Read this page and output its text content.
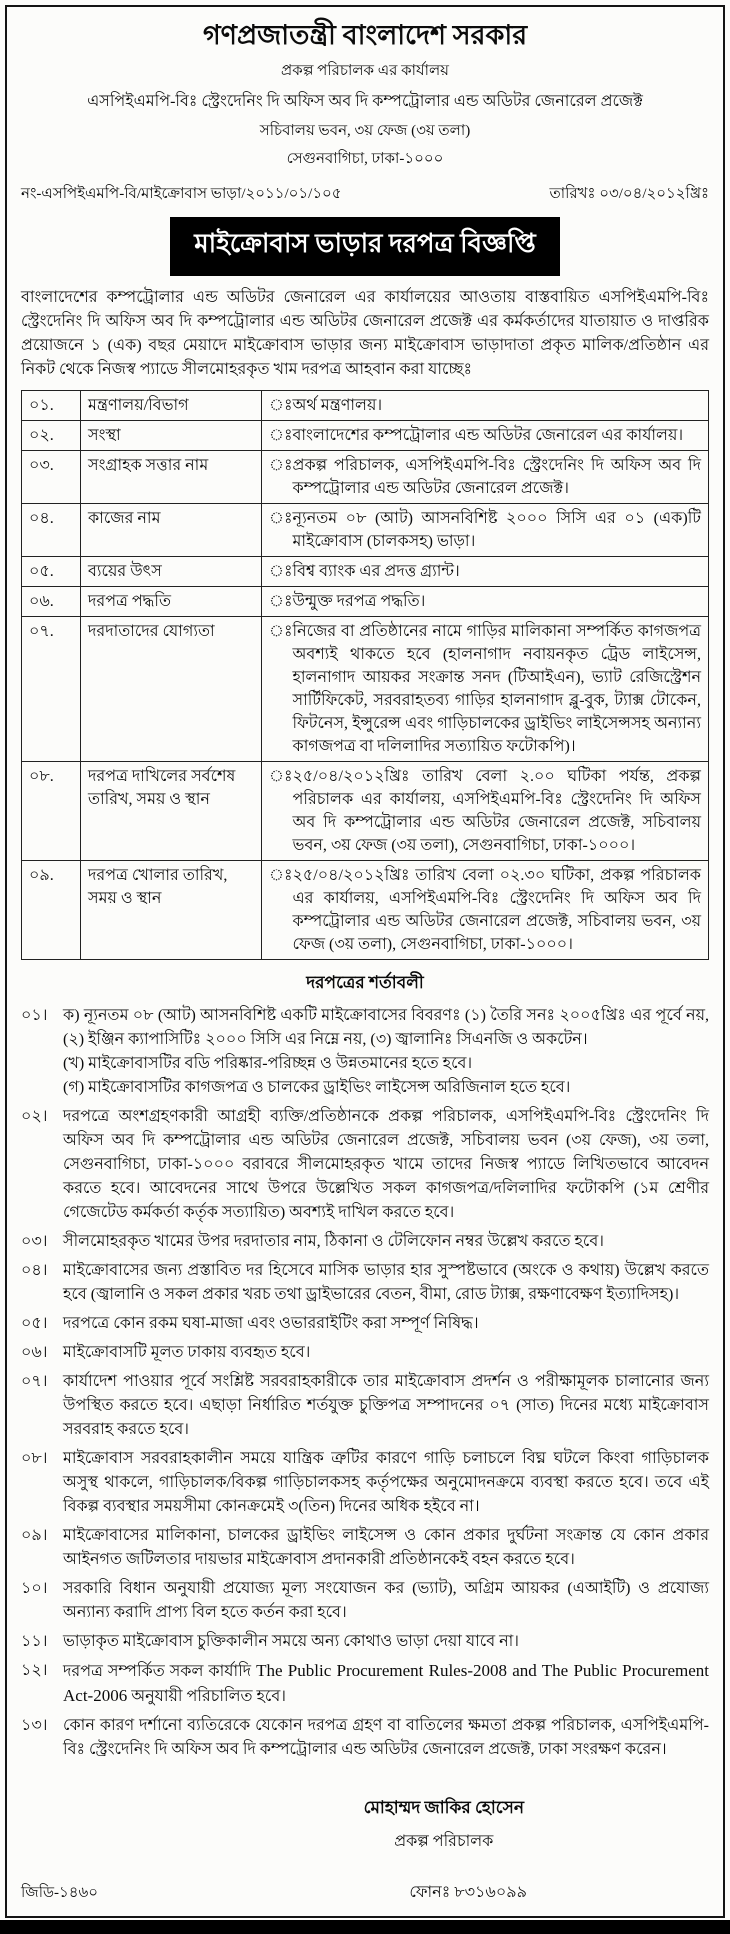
গণপ্রজাতন্ত্রী বাংলাদেশ সরকার
প্রকল্প পরিচালক এর কার্যালয়
এসপিইএমপি-বিঃ স্ট্রেংদেনিং দি অফিস অব দি কম্পট্রোলার এন্ড অডিটর জেনারেল প্রজেক্ট
সচিবালয় ভবন, ৩য় ফেজ (৩য় তলা)
সেগুনবাগিচা, ঢাকা-১০০০
নং-এসপিইএমপি-বি/মাইক্রোবাস ভাড়া/২০১১/০১/১০৫	তারিখঃ ০৩/০৪/২০১২খ্রিঃ
মাইক্রোবাস ভাড়ার দরপত্র বিজ্ঞপ্তি

বাংলাদেশের কম্পট্রোলার এন্ড অডিটর জেনারেল এর কার্যালয়ের আওতায় বাস্তবায়িত এসপিইএমপি-বিঃ স্ট্রেংদেনিং দি অফিস অব দি কম্পট্রোলার এন্ড অডিটর জেনারেল প্রজেক্ট এর কর্মকর্তাদের যাতায়াত ও দাপ্তরিক প্রয়োজনে ১ (এক) বছর মেয়াদে মাইক্রোবাস ভাড়ার জন্য মাইক্রোবাস ভাড়াদাতা প্রকৃত মালিক/প্রতিষ্ঠান এর নিকট থেকে নিজস্ব প্যাডে সীলমোহরকৃত খাম দরপত্র আহবান করা যাচ্ছেঃ

০১.	মন্ত্রণালয়/বিভাগ	ঃ অর্থ মন্ত্রণালয়।

০২.	সংস্থা	ঃ বাংলাদেশের কম্পট্রোলার এন্ড অডিটর জেনারেল এর কার্যালয়।

০৩.	সংগ্রাহক সত্তার নাম	ঃ প্রকল্প পরিচালক, এসপিইএমপি-বিঃ স্ট্রেংদেনিং দি অফিস অব দি কম্পট্রোলার এন্ড অডিটর জেনারেল প্রজেক্ট।

০৪.	কাজের নাম	ঃ ন্যূনতম ০৮ (আট) আসনবিশিষ্ট ২০০০ সিসি এর ০১ (এক)টি মাইক্রোবাস (চালকসহ) ভাড়া।

০৫.	ব্যয়ের উৎস	ঃ বিশ্ব ব্যাংক এর প্রদত্ত গ্র্যান্ট।

০৬.	দরপত্র পদ্ধতি	ঃ উন্মুক্ত দরপত্র পদ্ধতি।

০৭.	দরদাতাদের যোগ্যতা	ঃ নিজের বা প্রতিষ্ঠানের নামে গাড়ির মালিকানা সম্পর্কিত কাগজপত্র অবশ্যই থাকতে হবে (হালনাগাদ নবায়নকৃত ট্রেড লাইসেন্স, হালনাগাদ আয়কর সংক্রান্ত সনদ (টিআইএন), ভ্যাট রেজিস্ট্রেশন সার্টিফিকেট, সরবরাহতব্য গাড়ির হালনাগাদ ব্লু-বুক, ট্যাক্স টোকেন, ফিটনেস, ইন্সুরেন্স এবং গাড়িচালকের ড্রাইভিং লাইসেন্সসহ অন্যান্য কাগজপত্র বা দলিলাদির সত্যায়িত ফটোকপি)।

০৮.	দরপত্র দাখিলের সর্বশেষ তারিখ, সময় ও স্থান	ঃ ২৫/০৪/২০১২খ্রিঃ তারিখ বেলা ২.০০ ঘটিকা পর্যন্ত, প্রকল্প পরিচালক এর কার্যালয়, এসপিইএমপি-বিঃ স্ট্রেংদেনিং দি অফিস অব দি কম্পট্রোলার এন্ড অডিটর জেনারেল প্রজেক্ট, সচিবালয় ভবন, ৩য় ফেজ (৩য় তলা), সেগুনবাগিচা, ঢাকা-১০০০।

০৯.	দরপত্র খোলার তারিখ, সময় ও স্থান	ঃ ২৫/০৪/২০১২খ্রিঃ তারিখ বেলা ০২.৩০ ঘটিকা, প্রকল্প পরিচালক এর কার্যালয়, এসপিইএমপি-বিঃ স্ট্রেংদেনিং দি অফিস অব দি কম্পট্রোলার এন্ড অডিটর জেনারেল প্রজেক্ট, সচিবালয় ভবন, ৩য় ফেজ (৩য় তলা), সেগুনবাগিচা, ঢাকা-১০০০।
দরপত্রের শর্তাবলী
০১। ক) ন্যূনতম ০৮ (আট) আসনবিশিষ্ট একটি মাইক্রোবাসের বিবরণঃ (১) তৈরি সনঃ ২০০৫খ্রিঃ এর পূর্বে নয়, (২) ইঞ্জিন ক্যাপাসিটিঃ ২০০০ সিসি এর নিম্নে নয়, (৩) জ্বালানিঃ সিএনজি ও অকটেন।

(খ) মাইক্রোবাসটির বডি পরিষ্কার-পরিচ্ছন্ন ও উন্নতমানের হতে হবে।

(গ) মাইক্রোবাসটির কাগজপত্র ও চালকের ড্রাইভিং লাইসেন্স অরিজিনাল হতে হবে।

০২। দরপত্রে অংশগ্রহণকারী আগ্রহী ব্যক্তি/প্রতিষ্ঠানকে প্রকল্প পরিচালক, এসপিইএমপি-বিঃ স্ট্রেংদেনিং দি অফিস অব দি কম্পট্রোলার এন্ড অডিটর জেনারেল প্রজেক্ট, সচিবালয় ভবন (৩য় ফেজ), ৩য় তলা, সেগুনবাগিচা, ঢাকা-১০০০ বরাবরে সীলমোহরকৃত খামে তাদের নিজস্ব প্যাডে লিখিতভাবে আবেদন করতে হবে। আবেদনের সাথে উপরে উল্লেখিত সকল কাগজপত্র/দলিলাদির ফটোকপি (১ম শ্রেণীর গেজেটেড কর্মকর্তা কর্তৃক সত্যায়িত) অবশ্যই দাখিল করতে হবে।

০৩। সীলমোহরকৃত খামের উপর দরদাতার নাম, ঠিকানা ও টেলিফোন নম্বর উল্লেখ করতে হবে।

০৪। মাইক্রোবাসের জন্য প্রস্তাবিত দর হিসেবে মাসিক ভাড়ার হার সুস্পষ্টভাবে (অংকে ও কথায়) উল্লেখ করতে হবে (জ্বালানি ও সকল প্রকার খরচ তথা ড্রাইভারের বেতন, বীমা, রোড ট্যাক্স, রক্ষণাবেক্ষণ ইত্যাদিসহ)।

০৫। দরপত্রে কোন রকম ঘষা-মাজা এবং ওভাররাইটিং করা সম্পূর্ণ নিষিদ্ধ।

০৬। মাইক্রোবাসটি মূলত ঢাকায় ব্যবহৃত হবে।

০৭। কার্যাদেশ পাওয়ার পূর্বে সংশ্লিষ্ট সরবরাহকারীকে তার মাইক্রোবাস প্রদর্শন ও পরীক্ষামূলক চালানোর জন্য উপস্থিত করতে হবে। এছাড়া নির্ধারিত শর্তযুক্ত চুক্তিপত্র সম্পাদনের ০৭ (সাত) দিনের মধ্যে মাইক্রোবাস সরবরাহ করতে হবে।

০৮। মাইক্রোবাস সরবরাহকালীন সময়ে যান্ত্রিক ত্রুটির কারণে গাড়ি চলাচলে বিঘ্ন ঘটলে কিংবা গাড়িচালক অসুস্থ থাকলে, গাড়িচালক/বিকল্প গাড়িচালকসহ কর্তৃপক্ষের অনুমোদনক্রমে ব্যবস্থা করতে হবে। তবে এই বিকল্প ব্যবস্থার সময়সীমা কোনক্রমেই ৩(তিন) দিনের অধিক হইবে না।

০৯। মাইক্রোবাসের মালিকানা, চালকের ড্রাইভিং লাইসেন্স ও কোন প্রকার দুর্ঘটনা সংক্রান্ত যে কোন প্রকার আইনগত জটিলতার দায়ভার মাইক্রোবাস প্রদানকারী প্রতিষ্ঠানকেই বহন করতে হবে।

১০। সরকারি বিধান অনুযায়ী প্রযোজ্য মূল্য সংযোজন কর (ভ্যাট), অগ্রিম আয়কর (এআইটি) ও প্রযোজ্য অন্যান্য করাদি প্রাপ্য বিল হতে কর্তন করা হবে।

১১। ভাড়াকৃত মাইক্রোবাস চুক্তিকালীন সময়ে অন্য কোথাও ভাড়া দেয়া যাবে না।

১২। দরপত্র সম্পর্কিত সকল কার্যাদি The Public Procurement Rules-2008 and The Public Procurement Act-2006 অনুযায়ী পরিচালিত হবে।

১৩। কোন কারণ দর্শানো ব্যতিরেকে যেকোন দরপত্র গ্রহণ বা বাতিলের ক্ষমতা প্রকল্প পরিচালক, এসপিইএমপি-বিঃ স্ট্রেংদেনিং দি অফিস অব দি কম্পট্রোলার এন্ড অডিটর জেনারেল প্রজেক্ট, ঢাকা সংরক্ষণ করেন।

মোহাম্মদ জাকির হোসেন
প্রকল্প পরিচালক
জিডি-১৪৬০	ফোনঃ ৮৩১৬০৯৯
